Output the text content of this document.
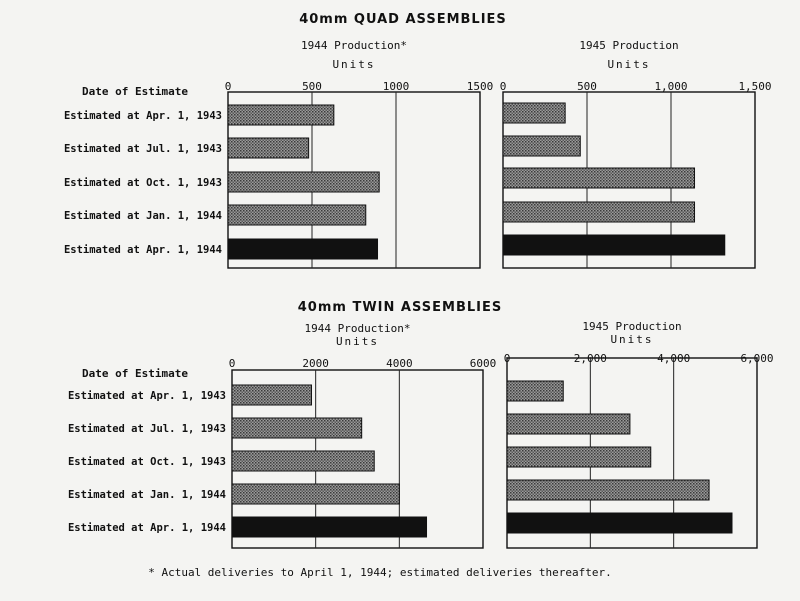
40mm QUAD ASSEMBLIES
40mm TWIN ASSEMBLIES
1944 Production*
Units
0	500	1000	1500
Date of Estimate
Estimated at Apr. 1, 1943
Estimated at Jul. 1, 1943
Estimated at Oct. 1, 1943
Estimated at Jan. 1, 1944
Estimated at Apr. 1, 1944
1945 Production
Units
0	500	1,000	1,500
1944 Production*
Units
0	2000	4000	6000
Date of Estimate
Estimated at Apr. 1, 1943
Estimated at Jul. 1, 1943
Estimated at Oct. 1, 1943
Estimated at Jan. 1, 1944
Estimated at Apr. 1, 1944
1945 Production
Units
0	2,000	4,000	6,000
* Actual deliveries to April 1, 1944; estimated deliveries thereafter.
